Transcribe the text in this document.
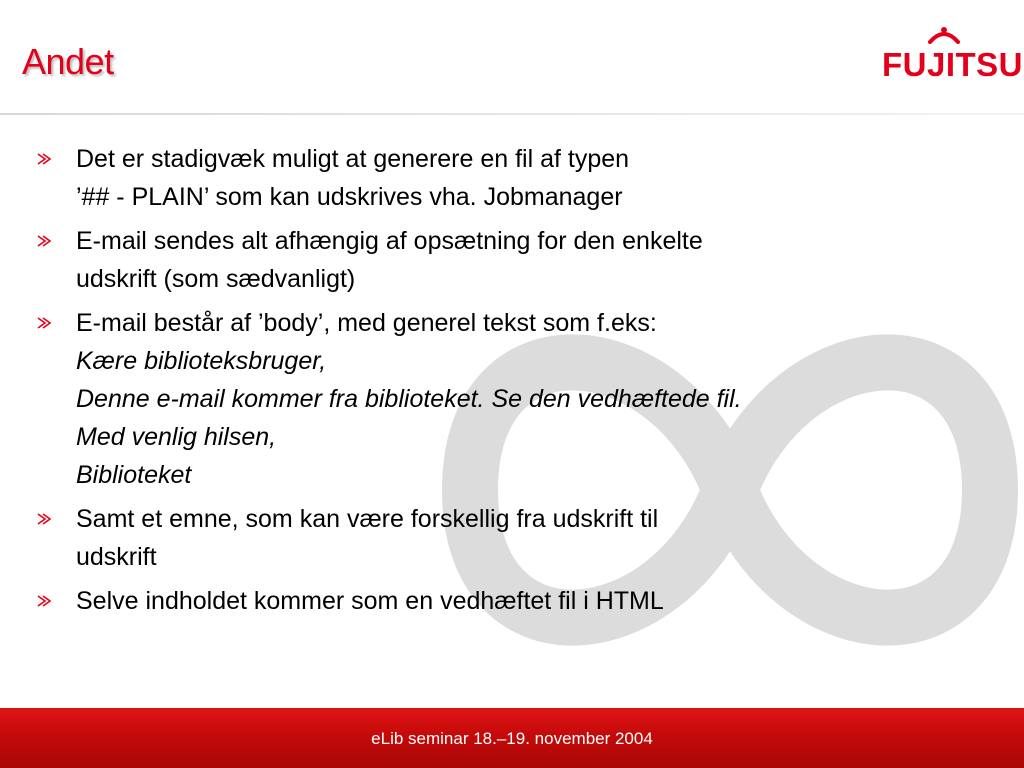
Andet	FUJITSU
Det er stadigvæk muligt at generere en fil af typen
’## - PLAIN’ som kan udskrives vha. Jobmanager
E-mail sendes alt afhængig af opsætning for den enkelte
udskrift (som sædvanligt)
E-mail består af ’body’, med generel tekst som f.eks:
Kære biblioteksbruger,
Denne e-mail kommer fra biblioteket. Se den vedhæftede fil.
Med venlig hilsen,
Biblioteket
Samt et emne, som kan være forskellig fra udskrift til
udskrift
Selve indholdet kommer som en vedhæftet fil i HTML
eLib seminar 18.–19. november 2004
